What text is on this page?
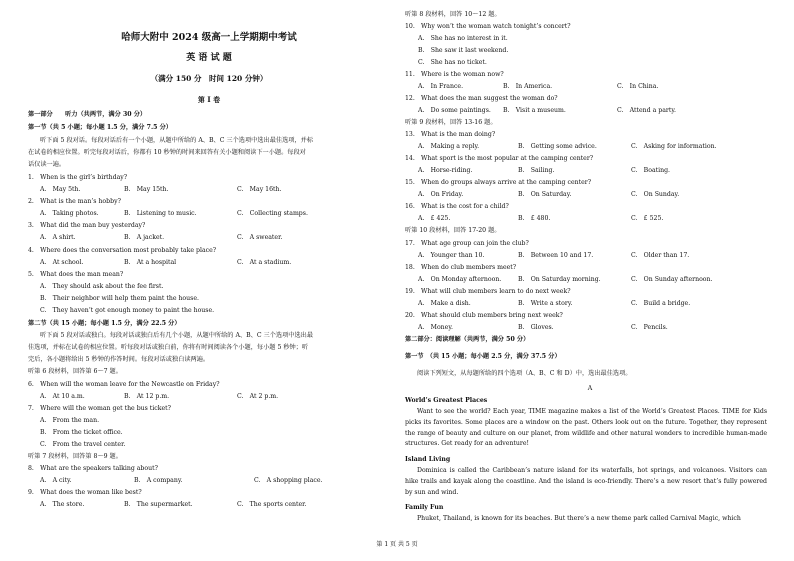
哈师大附中 2024 级高一上学期期中考试
英 语 试 题
（满分 150 分　时间 120 分钟）
第 I 卷
第一部分　　听力（共两节，满分 30 分）
第一节（共 5 小题；每小题 1.5 分，满分 7.5 分）
听下面 5 段对话。每段对话后有一个小题，从题中所给的 A、B、C 三个选项中选出最佳选项，并标
在试卷的相应位置。听完每段对话后，你都有 10 秒钟的时间来回答有关小题和阅读下一小题。每段对
话仅读一遍。
1.　When is the girl’s birthday?
A.　May 5th.	B.　May 15th.	C.　May 16th.
2.　What is the man’s hobby?
A.　Taking photos.	B.　Listening to music.	C.　Collecting stamps.
3.　What did the man buy yesterday?
A.　A shirt.	B.　A jacket.	C.　A sweater.
4.　Where does the conversation most probably take place?
A.　At school.	B.　At a hospital	C.　At a stadium.
5.　What does the man mean?
A.　They should ask about the fee first.
B.　Their neighbor will help them paint the house.
C.　They haven’t got enough money to paint the house.
第二节（共 15 小题；每小题 1.5 分，满分 22.5 分）
听下面 5 段对话或独白。每段对话或独白后有几个小题，从题中所给的 A、B、C 三个选项中选出最
佳选项，并标在试卷的相应位置。听每段对话或独白前，你将有时间阅读各个小题，每小题 5 秒钟；听
完后，各小题将给出 5 秒钟的作答时间。每段对话或独白读两遍。
听第 6 段材料，回答第 6～7 题。
6.　When will the woman leave for the Newcastle on Friday?
A.　At 10 a.m.	B.　At 12 p.m.	C.　At 2 p.m.
7.　Where will the woman get the bus ticket?
A.　From the man.
B.　From the ticket office.
C.　From the travel center.
听第 7 段材料，回答第 8～9 题。
8.　What are the speakers talking about?
A.　A city.	B.　A company.	C.　A shopping place.
9.　What does the woman like best?
A.　The store.	B.　The supermarket.	C.　The sports center.
听第 8 段材料，回答 10～12 题。
10.　Why won’t the woman watch tonight’s concert?
A.　She has no interest in it.
B.　She saw it last weekend.
C.　She has no ticket.
11.　Where is the woman now?
A.　In France.	B.　In America.	C.　In China.
12.　What does the man suggest the woman do?
A.　Do some paintings. B.　Visit a museum.	C.　Attend a party.
听第 9 段材料，回答 13-16 题。
13.　What is the man doing?
A.　Making a reply.	B.　Getting some advice.	C.　Asking for information.
14.　What sport is the most popular at the camping center?
A.　Horse-riding.	B.　Sailing.	C.　Boating.
15.　When do groups always arrive at the camping center?
A.　On Friday.	B.　On Saturday.	C.　On Sunday.
16.　What is the cost for a child?
A.　£ 425.	B.　£ 480.	C.　£ 525.
听第 10 段材料，回答 17-20 题。
17.　What age group can join the club?
A.　Younger than 10.	B.　Between 10 and 17.	C.　Older than 17.
18.　When do club members meet?
A.　On Monday afternoon.	B.　On Saturday morning.	C.　On Sunday afternoon.
19.　What will club members learn to do next week?
A.　Make a dish.	B.　Write a story.	C.　Build a bridge.
20.　What should club members bring next week?
A.　Money.	B.　Gloves.	C.　Pencils.
第二部分：阅读理解（共两节，满分 50 分）
第一节　（共 15 小题；每小题 2.5 分，满分 37.5 分）
阅读下列短文，从每题所给的四个选项（A、B、C 和 D）中，选出最佳选项。
A
World’s Greatest Places
Want to see the world? Each year, TIME magazine makes a list of the World’s Greatest Places. TIME for Kids picks its favorites. Some places are a window on the past. Others look out on the future. Together, they represent the range of beauty and culture on our planet, from wildlife and other natural wonders to incredible human-made structures. Get ready for an adventure!
Island Living
Dominica is called the Caribbean’s nature island for its waterfalls, hot springs, and volcanoes. Visitors can hike trails and kayak along the coastline. And the island is eco-friendly. There’s a new resort that’s fully powered by sun and wind.
Family Fun
Phuket, Thailand, is known for its beaches. But there’s a new theme park called Carnival Magic, which
第 1 页 共 5 页
